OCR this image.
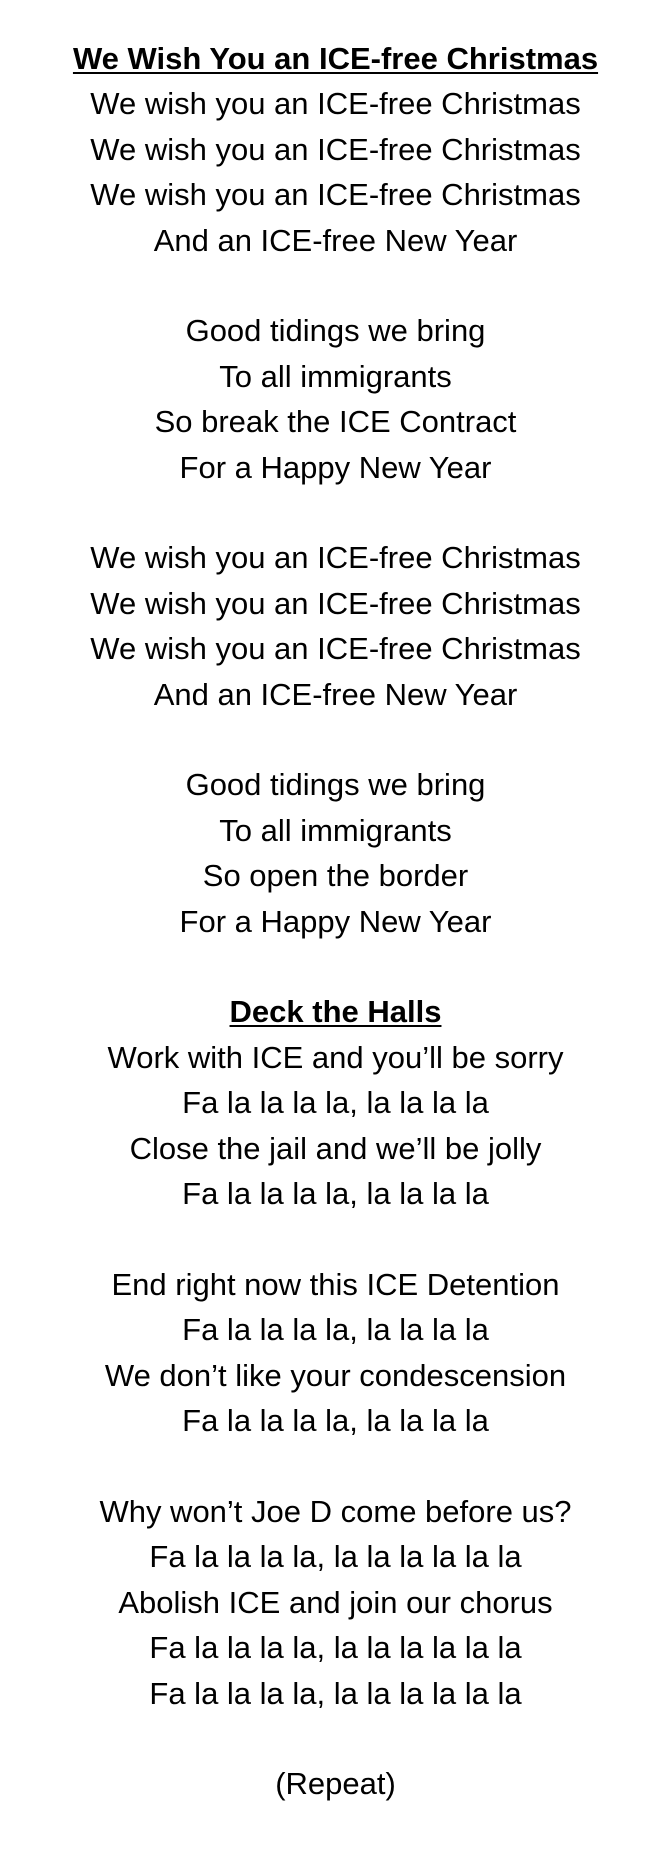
We Wish You an ICE-free Christmas

We wish you an ICE-free Christmas

We wish you an ICE-free Christmas

We wish you an ICE-free Christmas

And an ICE-free New Year

Good tidings we bring

To all immigrants

So break the ICE Contract

For a Happy New Year

We wish you an ICE-free Christmas

We wish you an ICE-free Christmas

We wish you an ICE-free Christmas

And an ICE-free New Year

Good tidings we bring

To all immigrants

So open the border

For a Happy New Year

Deck the Halls

Work with ICE and you’ll be sorry

Fa la la la la, la la la la

Close the jail and we’ll be jolly

Fa la la la la, la la la la

End right now this ICE Detention

Fa la la la la, la la la la

We don’t like your condescension

Fa la la la la, la la la la

Why won’t Joe D come before us?

Fa la la la la, la la la la la la

Abolish ICE and join our chorus

Fa la la la la, la la la la la la

Fa la la la la, la la la la la la

(Repeat)
